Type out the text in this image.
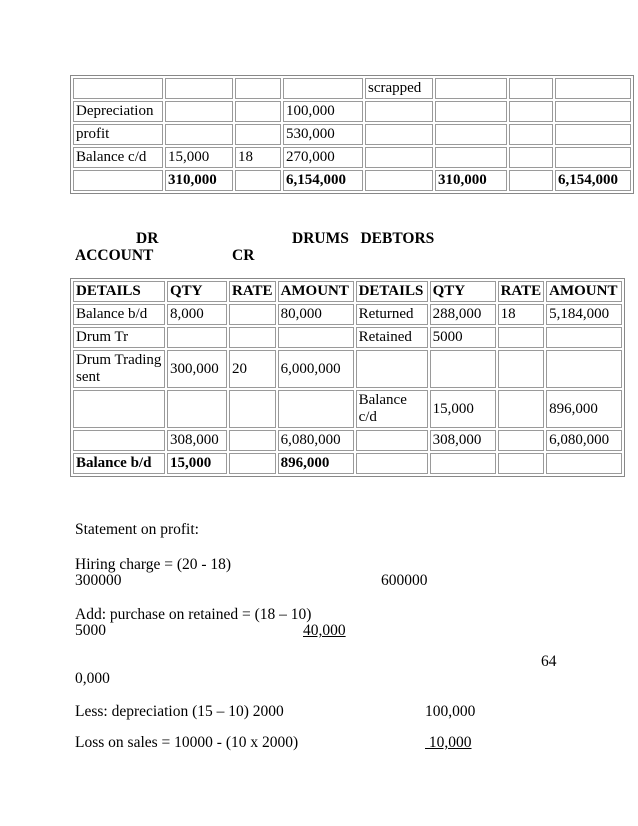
				scrapped			
Depreciation			100,000				
profit			530,000				
Balance c/d	15,000	18	270,000				
	310,000		6,154,000		310,000		6,154,000
DR	DRUMS   DEBTORS
ACCOUNT	CR
DETAILS	QTY	RATE	AMOUNT	DETAILS	QTY	RATE	AMOUNT
Balance b/d	8,000		80,000	Returned	288,000	18	5,184,000
Drum Tr				Retained	5000		
Drum Trading sent	300,000	20	6,000,000				
				Balance c/d	15,000		896,000
	308,000		6,080,000		308,000		6,080,000
Balance b/d	15,000		896,000				
Statement on profit:
Hiring charge = (20 - 18)
300000	600000
Add: purchase on retained = (18 – 10)
5000	40,000
64
0,000
Less: depreciation (15 – 10) 2000	100,000
Loss on sales = 10000 - (10 x 2000)	10,000
